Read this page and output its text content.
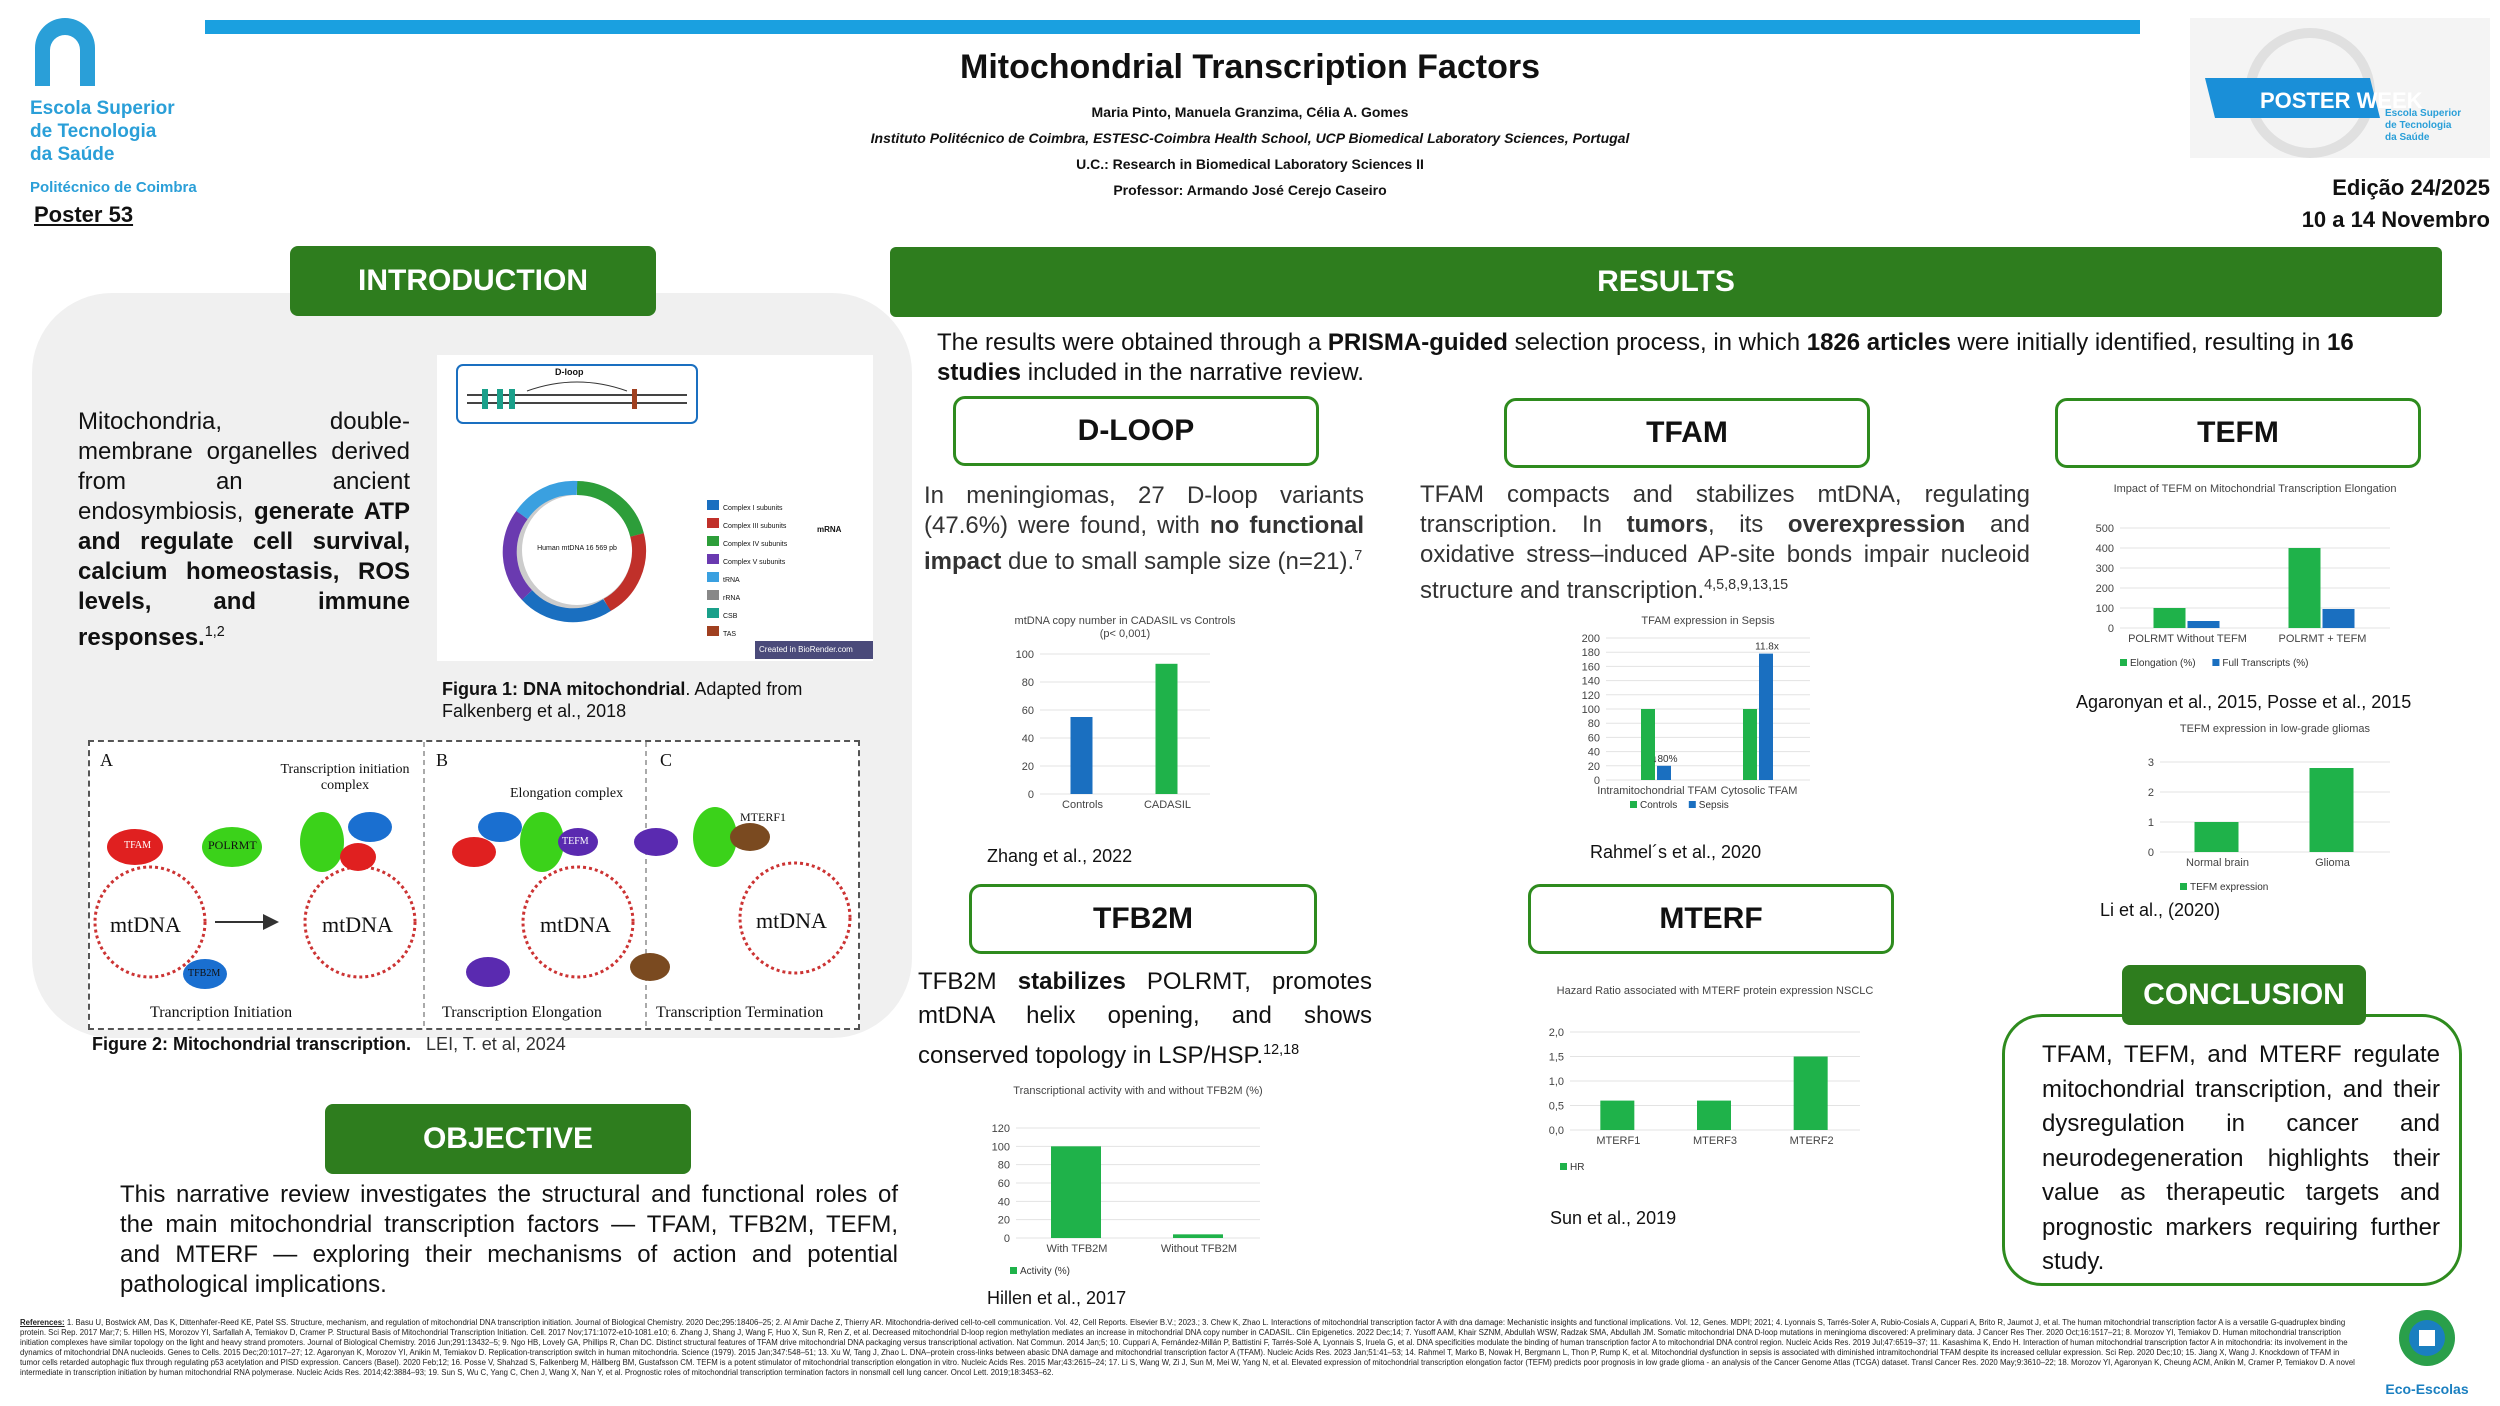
Escola Superior
de Tecnologia
da Saúde
Politécnico de Coimbra
Poster 53
Mitochondrial Transcription Factors
Maria Pinto, Manuela Granzima, Célia A. Gomes
Instituto Politécnico de Coimbra, ESTESC-Coimbra Health School, UCP Biomedical Laboratory Sciences, Portugal
U.C.: Research in Biomedical Laboratory Sciences II
Professor: Armando José Cerejo Caseiro
POSTER WEEK
Escola Superior
de Tecnologia
da Saúde
Edição 24/2025
10 a 14 Novembro
INTRODUCTION
Mitochondria, double-membrane organelles derived from an ancient endosymbiosis, generate ATP and regulate cell survival, calcium homeostasis, ROS levels, and immune responses.$^{1,2}$
D-loop
Human mtDNA 16 569 pb
Complex I subunits
Complex III subunits
Complex IV subunits
Complex V subunits
tRNA
rRNA
CSB
TAS
mRNA
Created in BioRender.com
Figura 1: DNA mitochondrial. Adapted from Falkenberg et al., 2018
A	B	C
Transcription initiation complex
Elongation complex
mtDNA	mtDNA	mtDNA	mtDNA
TFAM	POLRMT
TFB2M
TEFM
MTERF1
Trancription Initiation	Transcription Elongation	Transcription Termination
Figure 2: Mitochondrial transcription. LEI, T. et al, 2024
OBJECTIVE
This narrative review investigates the structural and functional roles of the main mitochondrial transcription factors — TFAM, TFB2M, TEFM, and MTERF — exploring their mechanisms of action and potential pathological implications.
RESULTS
The results were obtained through a PRISMA-guided selection process, in which 1826 articles were initially identified, resulting in 16 studies included in the narrative review.
D-LOOP
In meningiomas, 27 D-loop variants (47.6%) were found, with no functional impact due to small sample size (n=21).$^7$
mtDNA copy number in CADASIL vs Controls
(p< 0,001)
0
20
40
60
80
100
Controls	CADASIL
Zhang et al., 2022
TFAM
TFAM compacts and stabilizes mtDNA, regulating transcription. In tumors, its overexpression and oxidative stress–induced AP-site bonds impair nucleoid structure and transcription.$^{4,5,8,9,13,15}$
TFAM expression in Sepsis
0
20
40
60
80
100
120
140
160
180
200
Intramitochondrial TFAM Cytosolic TFAM
↓80%
11.8x
Controls Sepsis
Rahmel´s et al., 2020
TEFM
Impact of TEFM on Mitochondrial Transcription Elongation
0
100
200
300
400
500
POLRMT Without TEFM	POLRMT + TEFM
Elongation (%)	Full Transcripts (%)
Agaronyan et al., 2015, Posse et al., 2015
TEFM expression in low-grade gliomas
0
1
2
3
Normal brain	Glioma
TEFM expression
Li et al., (2020)
TFB2M
TFB2M stabilizes POLRMT, promotes mtDNA helix opening, and shows conserved topology in LSP/HSP.$^{12,18}$
Transcriptional activity with and without TFB2M (%)
0
20
40
60
80
100
120
With TFB2M	Without TFB2M
Activity (%)
Hillen et al., 2017
MTERF
Hazard Ratio associated with MTERF protein expression NSCLC
0,0
0,5
1,0
1,5
2,0
MTERF1	MTERF3	MTERF2
HR
Sun et al., 2019
CONCLUSION
TFAM, TEFM, and MTERF regulate mitochondrial transcription, and their dysregulation in cancer and neurodegeneration highlights their value as therapeutic targets and prognostic markers requiring further study.
References: 1. Basu U, Bostwick AM, Das K, Dittenhafer-Reed KE, Patel SS. Structure, mechanism, and regulation of mitochondrial DNA transcription initiation. Journal of Biological Chemistry. 2020 Dec;295:18406–25; 2. Al Amir Dache Z, Thierry AR. Mitochondria-derived cell-to-cell communication. Vol. 42, Cell Reports. Elsevier B.V.; 2023.; 3. Chew K, Zhao L. Interactions of mitochondrial transcription factor A with dna damage: Mechanistic insights and functional implications. Vol. 12, Genes. MDPI; 2021; 4. Lyonnais S, Tarrés-Soler A, Rubio-Cosials A, Cuppari A, Brito R, Jaumot J, et al. The human mitochondrial transcription factor A is a versatile G-quadruplex binding protein. Sci Rep. 2017 Mar;7; 5. Hillen HS, Morozov YI, Sarfallah A, Temiakov D, Cramer P. Structural Basis of Mitochondrial Transcription Initiation. Cell. 2017 Nov;171:1072-e10-1081.e10; 6. Zhang J, Shang J, Wang F, Huo X, Sun R, Ren Z, et al. Decreased mitochondrial D-loop region methylation mediates an increase in mitochondrial DNA copy number in CADASIL. Clin Epigenetics. 2022 Dec;14; 7. Yusoff AAM, Khair SZNM, Abdullah WSW, Radzak SMA, Abdullah JM. Somatic mitochondrial DNA D-loop mutations in meningioma discovered: A preliminary data. J Cancer Res Ther. 2020 Oct;16:1517–21; 8. Morozov YI, Temiakov D. Human mitochondrial transcription initiation complexes have similar topology on the light and heavy strand promoters. Journal of Biological Chemistry. 2016 Jun;291:13432–5; 9. Ngo HB, Lovely GA, Phillips R, Chan DC. Distinct structural features of TFAM drive mitochondrial DNA packaging versus transcriptional activation. Nat Commun. 2014 Jan;5; 10. Cuppari A, Fernández-Millán P, Battistini F, Tarrés-Solé A, Lyonnais S, Iruela G, et al. DNA specificities modulate the binding of human transcription factor A to mitochondrial DNA control region. Nucleic Acids Res. 2019 Jul;47:6519–37; 11. Kasashima K, Endo H. Interaction of human mitochondrial transcription factor A in mitochondria: its involvement in the dynamics of mitochondrial DNA nucleoids. Genes to Cells. 2015 Dec;20:1017–27; 12. Agaronyan K, Morozov YI, Anikin M, Temiakov D. Replication-transcription switch in human mitochondria. Science (1979). 2015 Jan;347:548–51; 13. Xu W, Tang J, Zhao L. DNA–protein cross-links between abasic DNA damage and mitochondrial transcription factor A (TFAM). Nucleic Acids Res. 2023 Jan;51:41–53; 14. Rahmel T, Marko B, Nowak H, Bergmann L, Thon P, Rump K, et al. Mitochondrial dysfunction in sepsis is associated with diminished intramitochondrial TFAM despite its increased cellular expression. Sci Rep. 2020 Dec;10; 15. Jiang X, Wang J. Knockdown of TFAM in tumor cells retarded autophagic flux through regulating p53 acetylation and PISD expression. Cancers (Basel). 2020 Feb;12; 16. Posse V, Shahzad S, Falkenberg M, Hällberg BM, Gustafsson CM. TEFM is a potent stimulator of mitochondrial transcription elongation in vitro. Nucleic Acids Res. 2015 Mar;43:2615–24; 17. Li S, Wang W, Zi J, Sun M, Mei W, Yang N, et al. Elevated expression of mitochondrial transcription elongation factor (TEFM) predicts poor prognosis in low grade glioma - an analysis of the Cancer Genome Atlas (TCGA) dataset. Transl Cancer Res. 2020 May;9:3610–22; 18. Morozov YI, Agaronyan K, Cheung ACM, Anikin M, Cramer P, Temiakov D. A novel intermediate in transcription initiation by human mitochondrial RNA polymerase. Nucleic Acids Res. 2014;42:3884–93; 19. Sun S, Wu C, Yang C, Chen J, Wang X, Nan Y, et al. Prognostic roles of mitochondrial transcription termination factors in nonsmall cell lung cancer. Oncol Lett. 2019;18:3453–62.
Eco-Escolas
